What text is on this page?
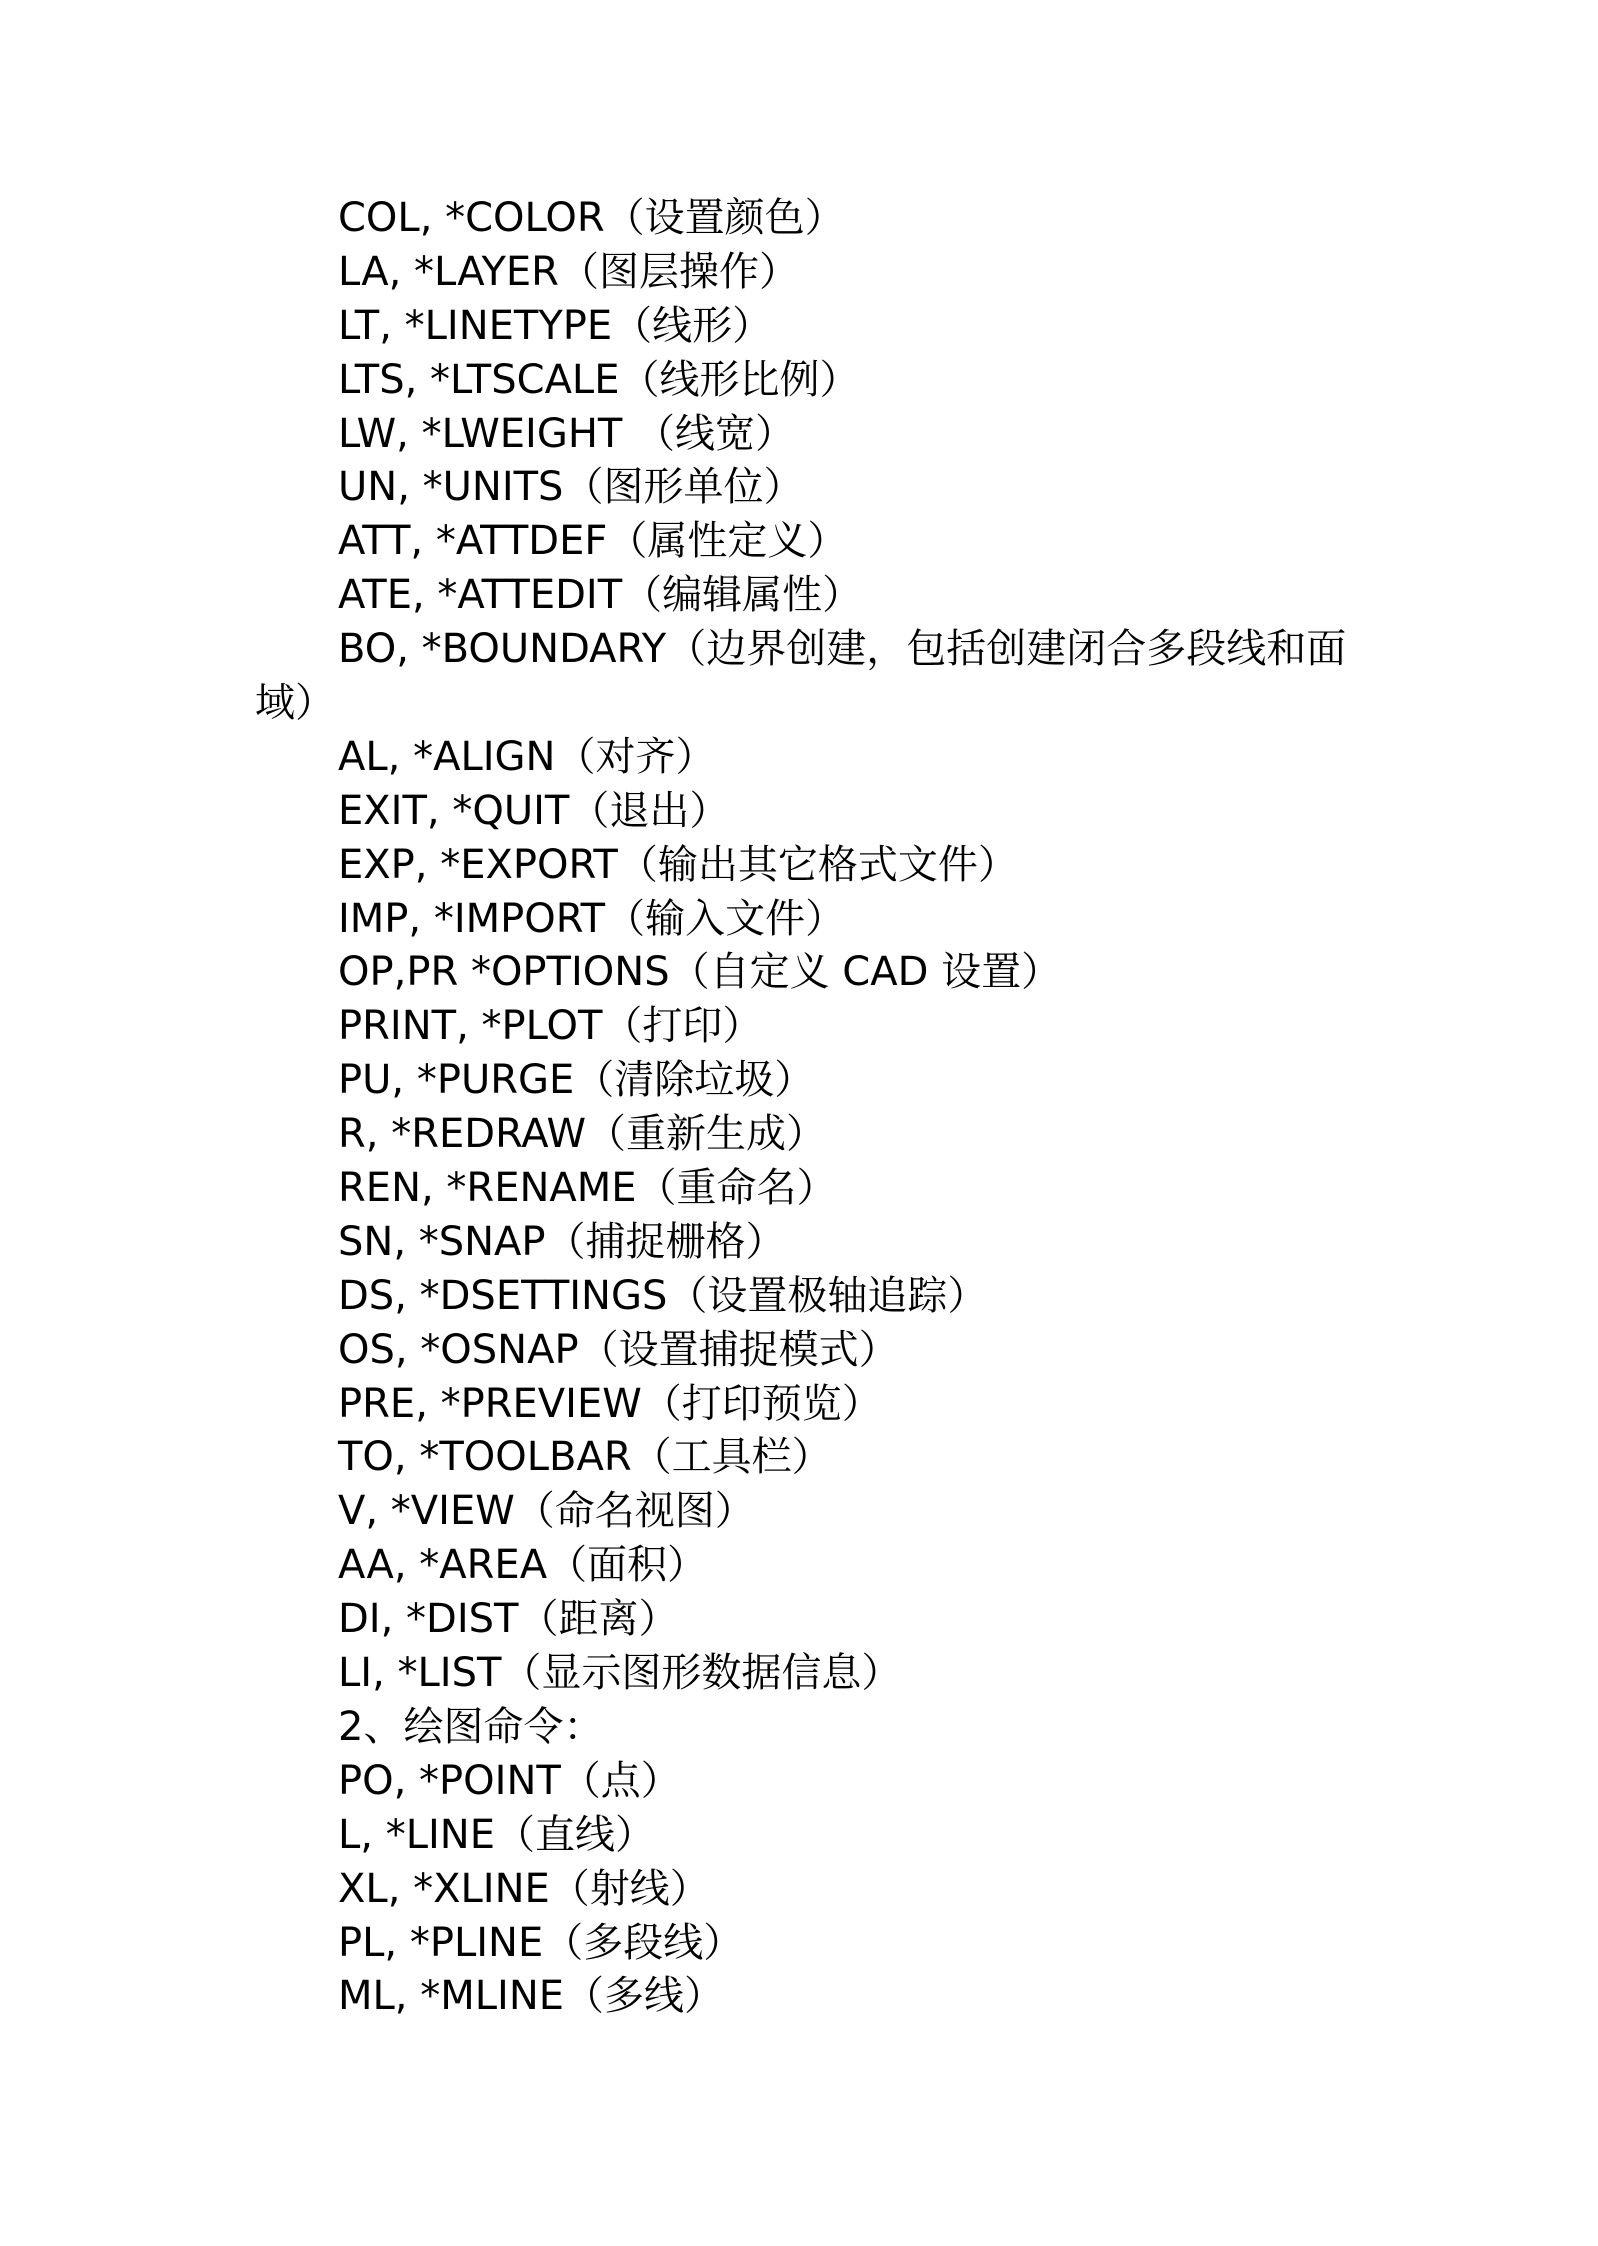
COL, *COLOR（设置颜色）
LA, *LAYER（图层操作）
LT, *LINETYPE（线形）
LTS, *LTSCALE（线形比例）
LW, *LWEIGHT （线宽）
UN, *UNITS（图形单位）
ATT, *ATTDEF（属性定义）
ATE, *ATTEDIT（编辑属性）
BO, *BOUNDARY（边界创建，包括创建闭合多段线和面
域）
AL, *ALIGN（对齐）
EXIT, *QUIT（退出）
EXP, *EXPORT（输出其它格式文件）
IMP, *IMPORT（输入文件）
OP,PR *OPTIONS（自定义 CAD 设置）
PRINT, *PLOT（打印）
PU, *PURGE（清除垃圾）
R, *REDRAW（重新生成）
REN, *RENAME（重命名）
SN, *SNAP（捕捉栅格）
DS, *DSETTINGS（设置极轴追踪）
OS, *OSNAP（设置捕捉模式）
PRE, *PREVIEW（打印预览）
TO, *TOOLBAR（工具栏）
V, *VIEW（命名视图）
AA, *AREA（面积）
DI, *DIST（距离）
LI, *LIST（显示图形数据信息）
2、绘图命令：
PO, *POINT（点）
L, *LINE（直线）
XL, *XLINE（射线）
PL, *PLINE（多段线）
ML, *MLINE（多线）
